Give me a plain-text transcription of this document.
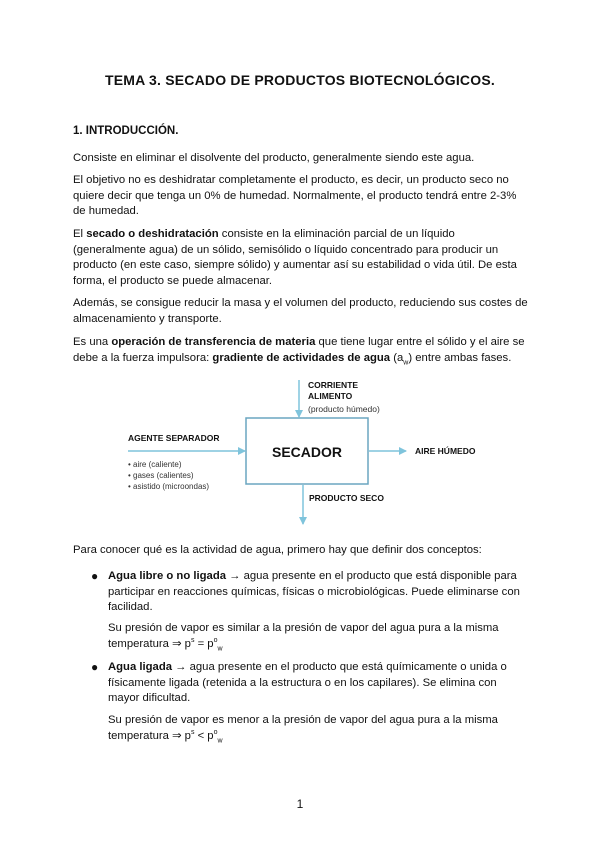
TEMA 3. SECADO DE PRODUCTOS BIOTECNOLÓGICOS.
1. INTRODUCCIÓN.
Consiste en eliminar el disolvente del producto, generalmente siendo este agua.
El objetivo no es deshidratar completamente el producto, es decir, un producto seco no quiere decir que tenga un 0% de humedad. Normalmente, el producto tendrá entre 2-3% de humedad.
El secado o deshidratación consiste en la eliminación parcial de un líquido (generalmente agua) de un sólido, semisólido o líquido concentrado para producir un producto (en este caso, siempre sólido) y aumentar así su estabilidad o vida útil. De esta forma, el producto se puede almacenar.
Además, se consigue reducir la masa y el volumen del producto, reduciendo sus costes de almacenamiento y transporte.
Es una operación de transferencia de materia que tiene lugar entre el sólido y el aire se debe a la fuerza impulsora: gradiente de actividades de agua $(a_w)$ entre ambas fases.
SECADOR
CORRIENTE
ALIMENTO
(producto húmedo)
AGENTE SEPARADOR
• aire (caliente)
• gases (calientes)
• asistido (microondas)
AIRE HÚMEDO
PRODUCTO SECO
Para conocer qué es la actividad de agua, primero hay que definir dos conceptos:
● Agua libre o no ligada → agua presente en el producto que está disponible para participar en reacciones químicas, físicas o microbiológicas. Puede eliminarse con facilidad.
Su presión de vapor es similar a la presión de vapor del agua pura a la misma temperatura ⇒ $p^s = p^o_w$
● Agua ligada → agua presente en el producto que está químicamente o unida o físicamente ligada (retenida a la estructura o en los capilares). Se elimina con mayor dificultad.
Su presión de vapor es menor a la presión de vapor del agua pura a la misma temperatura ⇒ $p^s < p^o_w$
1
